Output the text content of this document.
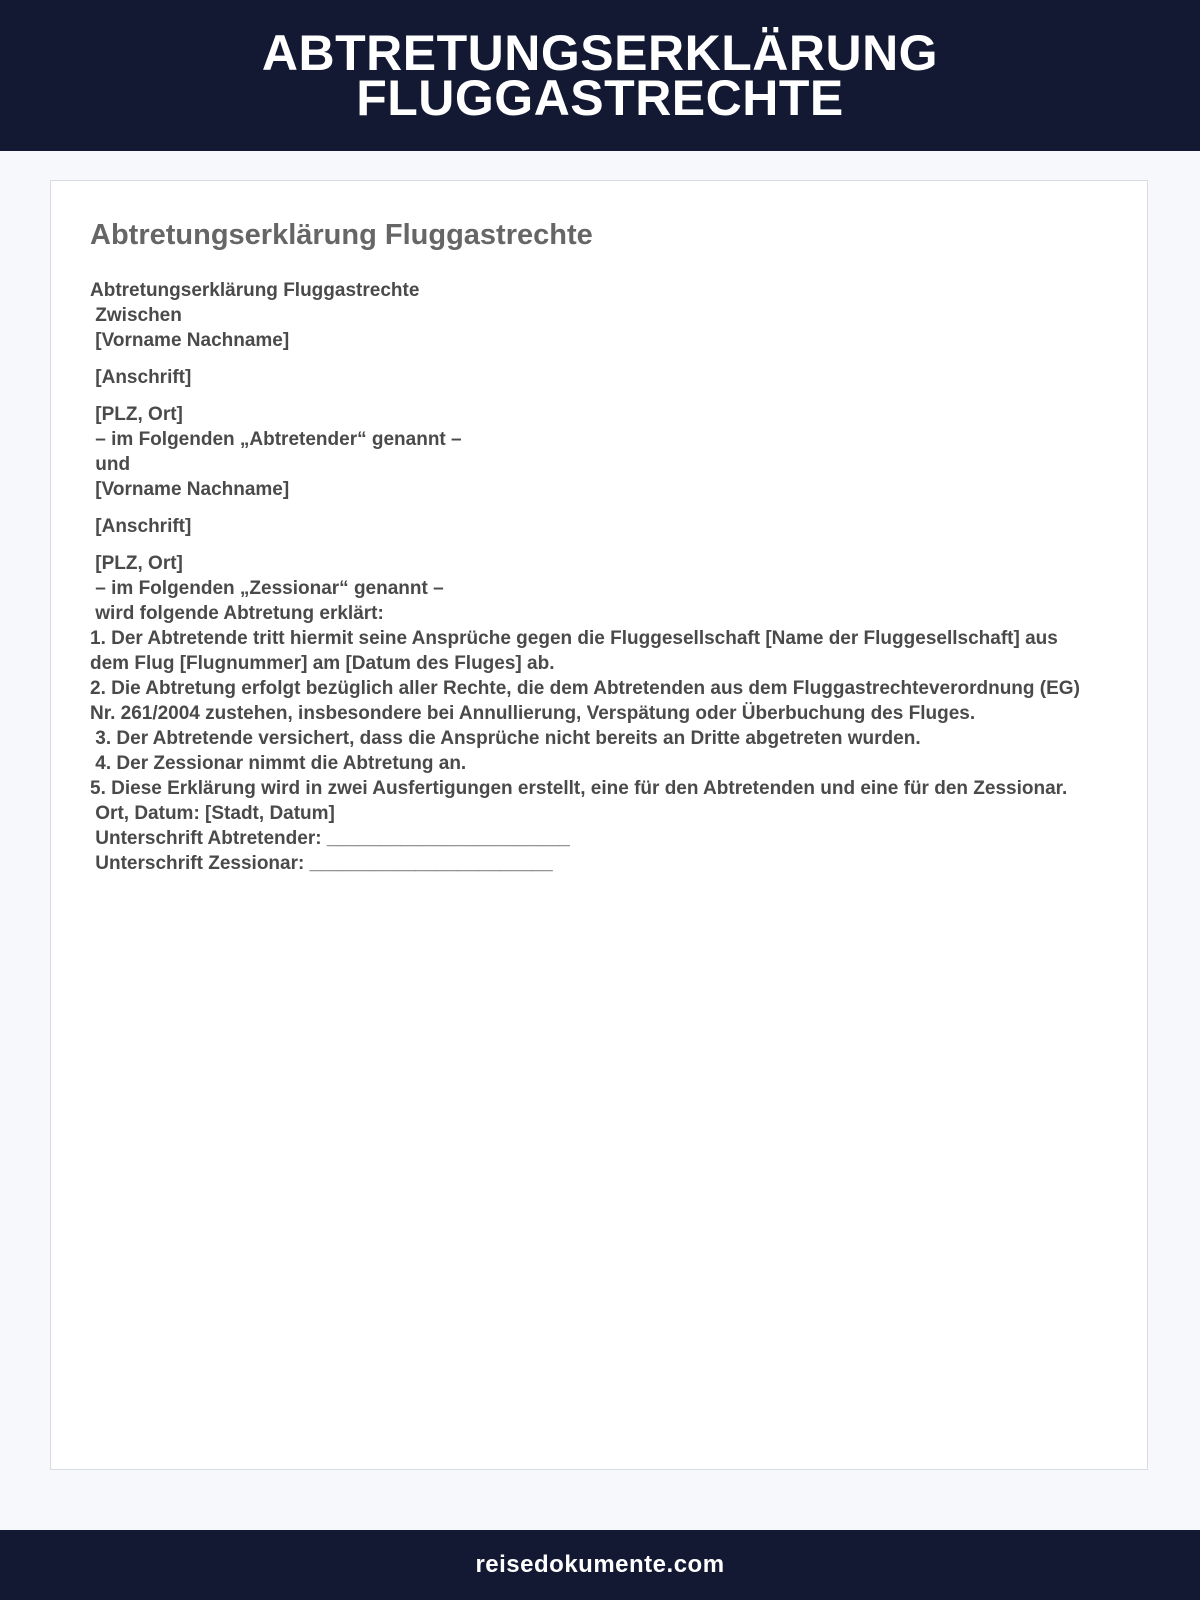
ABTRETUNGSERKLÄRUNG FLUGGASTRECHTE
Abtretungserklärung Fluggastrechte
Abtretungserklärung Fluggastrechte
Zwischen
[Vorname Nachname]
[Anschrift]
[PLZ, Ort]
– im Folgenden „Abtretender“ genannt –
und
[Vorname Nachname]
[Anschrift]
[PLZ, Ort]
– im Folgenden „Zessionar“ genannt –
wird folgende Abtretung erklärt:
1. Der Abtretende tritt hiermit seine Ansprüche gegen die Fluggesellschaft [Name der Fluggesellschaft] aus dem Flug [Flugnummer] am [Datum des Fluges] ab.
2. Die Abtretung erfolgt bezüglich aller Rechte, die dem Abtretenden aus dem Fluggastrechteverordnung (EG) Nr. 261/2004 zustehen, insbesondere bei Annullierung, Verspätung oder Überbuchung des Fluges.
3. Der Abtretende versichert, dass die Ansprüche nicht bereits an Dritte abgetreten wurden.
4. Der Zessionar nimmt die Abtretung an.
5. Diese Erklärung wird in zwei Ausfertigungen erstellt, eine für den Abtretenden und eine für den Zessionar.
Ort, Datum: [Stadt, Datum]
Unterschrift Abtretender: _______________________
Unterschrift Zessionar: _______________________
reisedokumente.com
